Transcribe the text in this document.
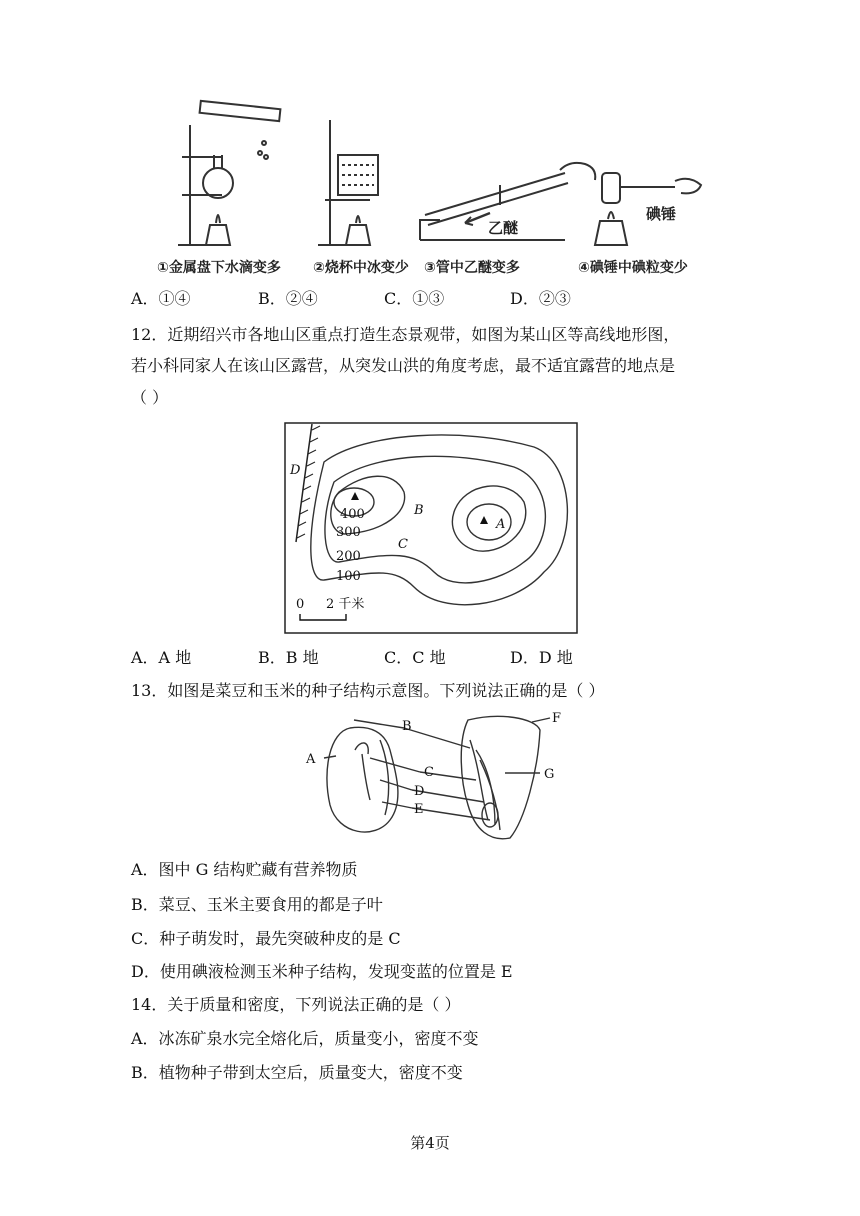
乙醚
碘锤
①金属盘下水滴变多 ②烧杯中冰变少 ③管中乙醚变多	④碘锤中碘粒变少
A．①④	B．②④	C．①③	D．②③
12．近期绍兴市各地山区重点打造生态景观带，如图为某山区等高线地形图，
若小科同家人在该山区露营，从突发山洪的角度考虑，最不适宜露营的地点是
（ ）
400
300
200
100
A
B
C
D
0 2 千米
A．A 地	B．B 地	C．C 地	D．D 地
13．如图是菜豆和玉米的种子结构示意图。下列说法正确的是（ ）
A
B
C
D
E
F
G
A．图中 G 结构贮藏有营养物质
B．菜豆、玉米主要食用的都是子叶
C．种子萌发时，最先突破种皮的是 C
D．使用碘液检测玉米种子结构，发现变蓝的位置是 E
14．关于质量和密度，下列说法正确的是（ ）
A．冰冻矿泉水完全熔化后，质量变小，密度不变
B．植物种子带到太空后，质量变大，密度不变
第4页
